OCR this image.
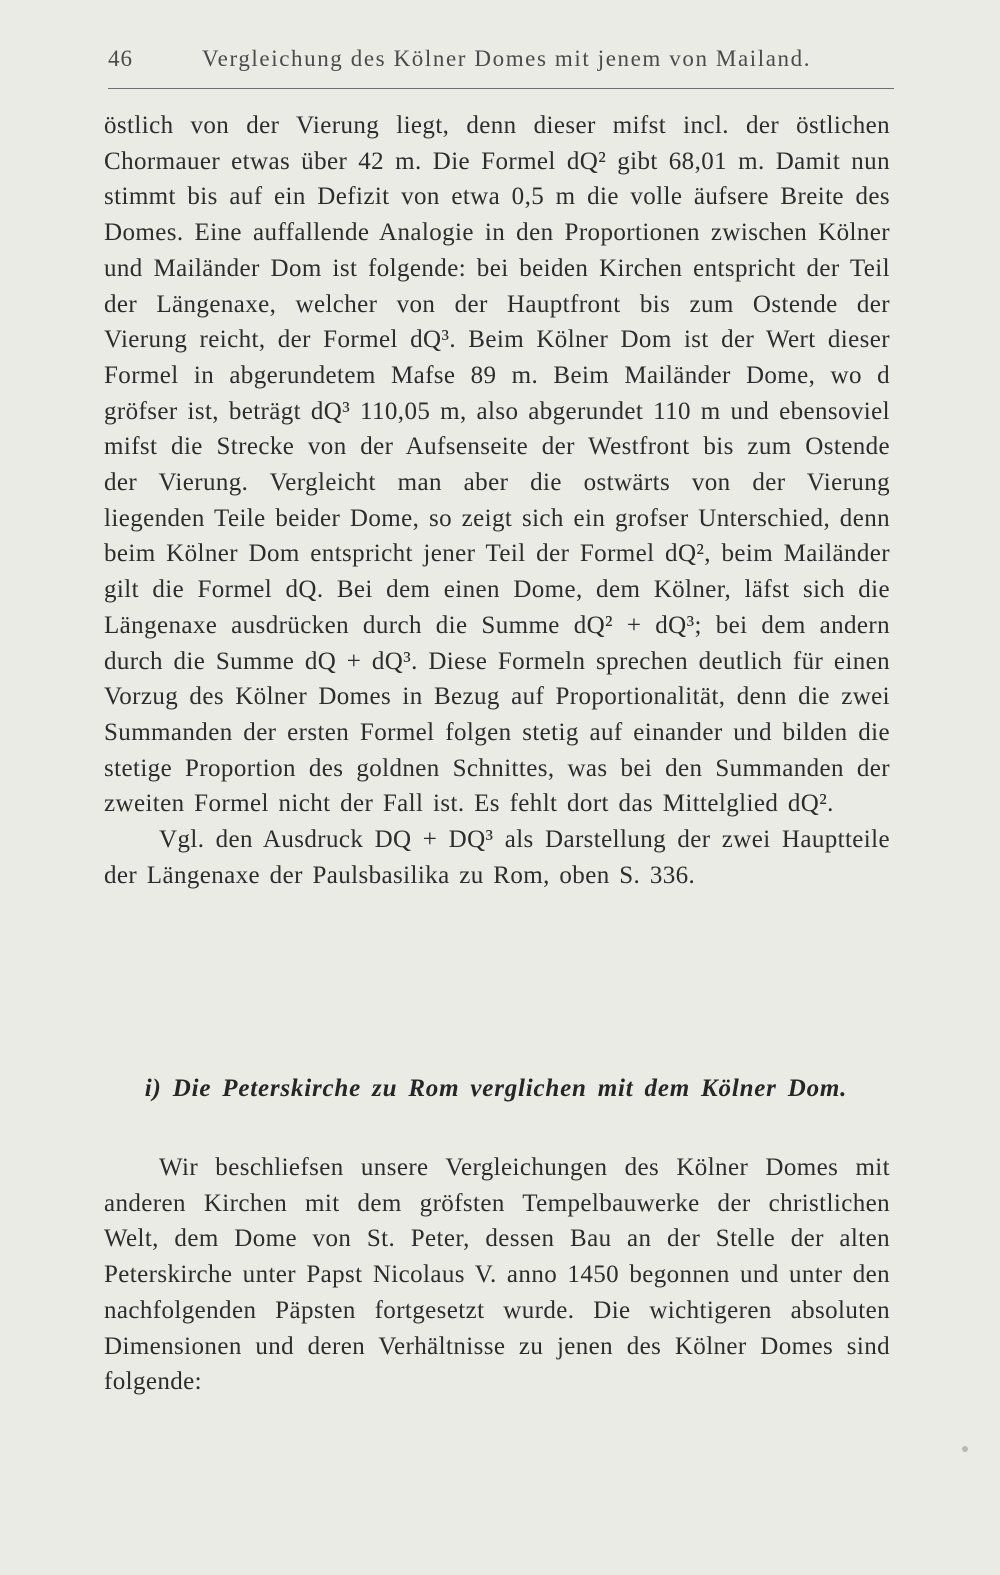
46	Vergleichung des Kölner Domes mit jenem von Mailand.

östlich von der Vierung liegt, denn dieser mifst incl. der östlichen Chormauer etwas über 42 m. Die Formel dQ² gibt 68,01 m. Damit nun stimmt bis auf ein Defizit von etwa 0,5 m die volle äufsere Breite des Domes. Eine auffallende Analogie in den Proportionen zwischen Kölner und Mailänder Dom ist folgende: bei beiden Kirchen entspricht der Teil der Längenaxe, welcher von der Hauptfront bis zum Ostende der Vierung reicht, der Formel dQ³. Beim Kölner Dom ist der Wert dieser Formel in abgerundetem Mafse 89 m. Beim Mailänder Dome, wo d gröfser ist, beträgt dQ³ 110,05 m, also abgerundet 110 m und ebensoviel mifst die Strecke von der Aufsenseite der Westfront bis zum Ostende der Vierung. Vergleicht man aber die ostwärts von der Vierung liegenden Teile beider Dome, so zeigt sich ein grofser Unterschied, denn beim Kölner Dom entspricht jener Teil der Formel dQ², beim Mailänder gilt die Formel dQ. Bei dem einen Dome, dem Kölner, läfst sich die Längenaxe ausdrücken durch die Summe dQ² + dQ³; bei dem andern durch die Summe dQ + dQ³. Diese Formeln sprechen deutlich für einen Vorzug des Kölner Domes in Bezug auf Proportionalität, denn die zwei Summanden der ersten Formel folgen stetig auf einander und bilden die stetige Proportion des goldnen Schnittes, was bei den Summanden der zweiten Formel nicht der Fall ist. Es fehlt dort das Mittelglied dQ².

Vgl. den Ausdruck DQ + DQ³ als Darstellung der zwei Hauptteile der Längenaxe der Paulsbasilika zu Rom, oben S. 336.

i) Die Peterskirche zu Rom verglichen mit dem Kölner Dom.

Wir beschliefsen unsere Vergleichungen des Kölner Domes mit anderen Kirchen mit dem gröfsten Tempelbauwerke der christlichen Welt, dem Dome von St. Peter, dessen Bau an der Stelle der alten Peterskirche unter Papst Nicolaus V. anno 1450 begonnen und unter den nachfolgenden Päpsten fortgesetzt wurde. Die wichtigeren absoluten Dimensionen und deren Verhältnisse zu jenen des Kölner Domes sind folgende:
